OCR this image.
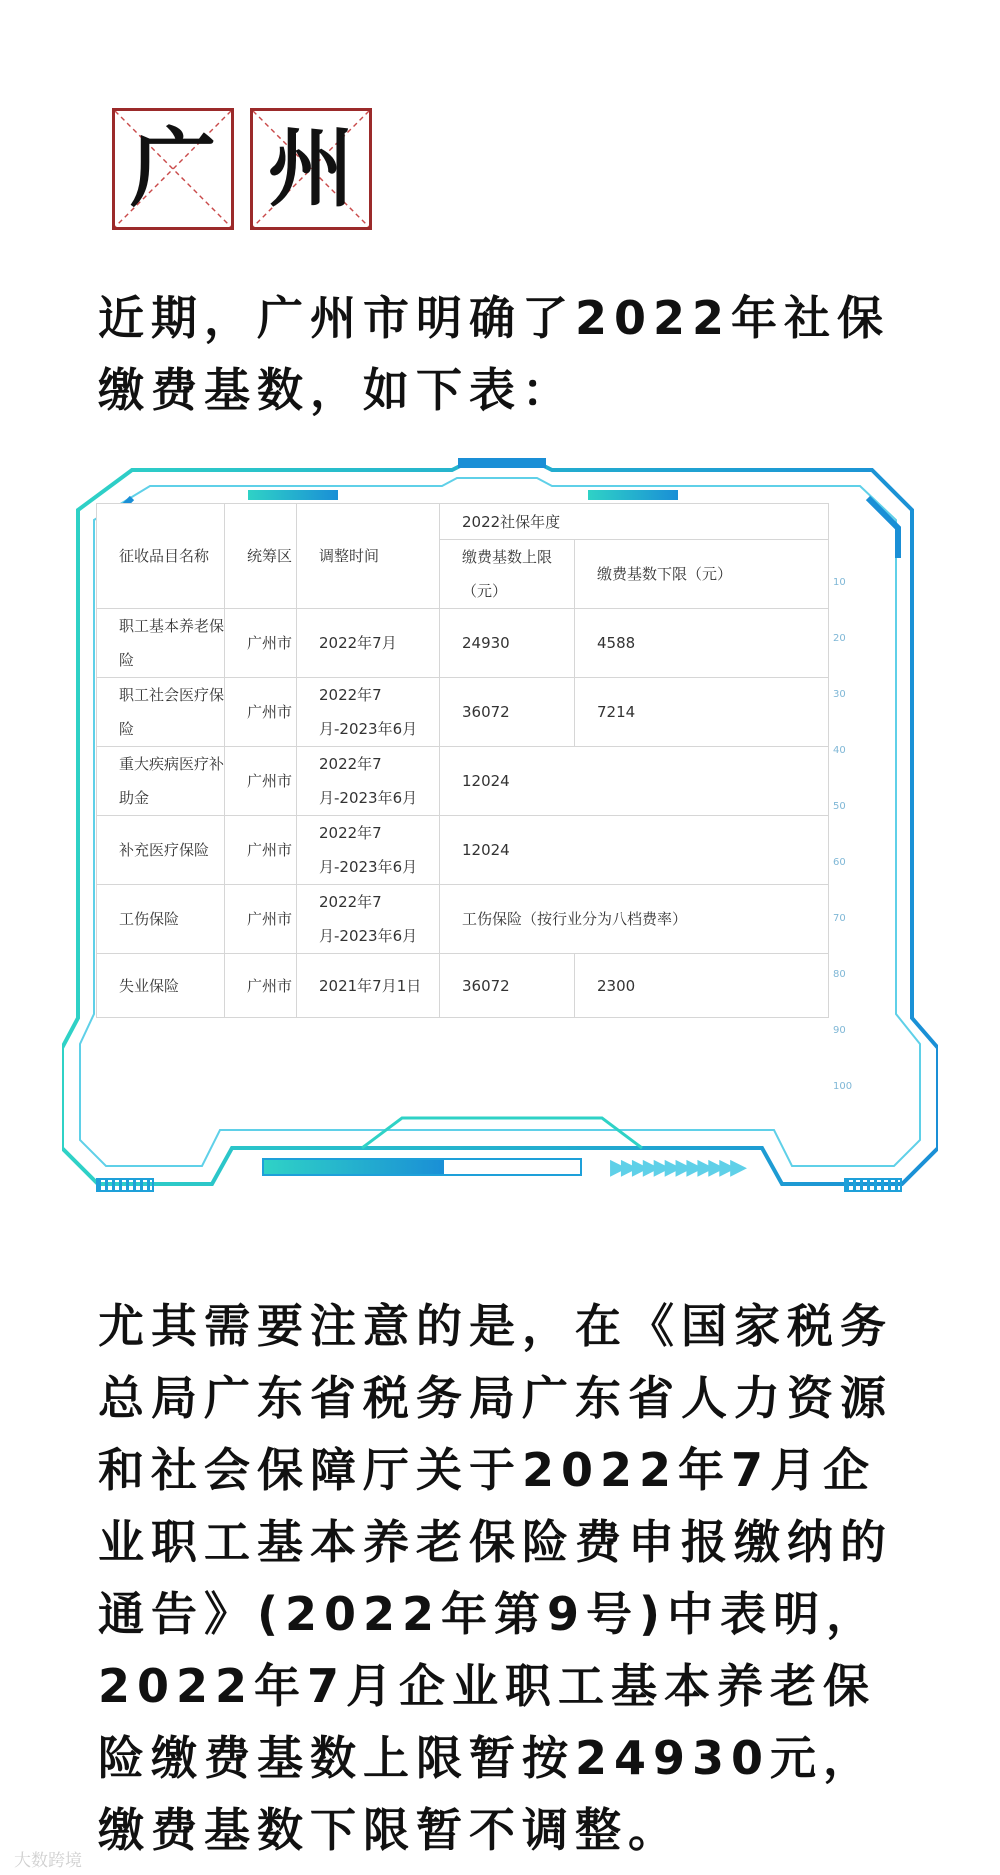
广 州
近期，广州市明确了2022年社保缴费基数，如下表：
征收品目名称	统筹区	调整时间	2022社保年度	
			缴费基数上限（元）	缴费基数下限（元）
职工基本养老保险	广州市	2022年7月	24930	4588
职工社会医疗保险	广州市	2022年7月-2023年6月	36072	7214
重大疾病医疗补助金	广州市	2022年7月-2023年6月	12024	
补充医疗保险	广州市	2022年7月-2023年6月	12024	
工伤保险	广州市	2022年7月-2023年6月	工伤保险（按行业分为八档费率）	
失业保险	广州市	2021年7月1日	36072	2300
10
20
30
40
50
60
70
80
90
100
▶▶▶▶▶▶▶▶▶▶▶▶
尤其需要注意的是，在《国家税务总局广东省税务局广东省人力资源和社会保障厅关于2022年7月企业职工基本养老保险费申报缴纳的通告》(2022年第9号)中表明，2022年7月企业职工基本养老保险缴费基数上限暂按24930元，缴费基数下限暂不调整。
大数跨境
